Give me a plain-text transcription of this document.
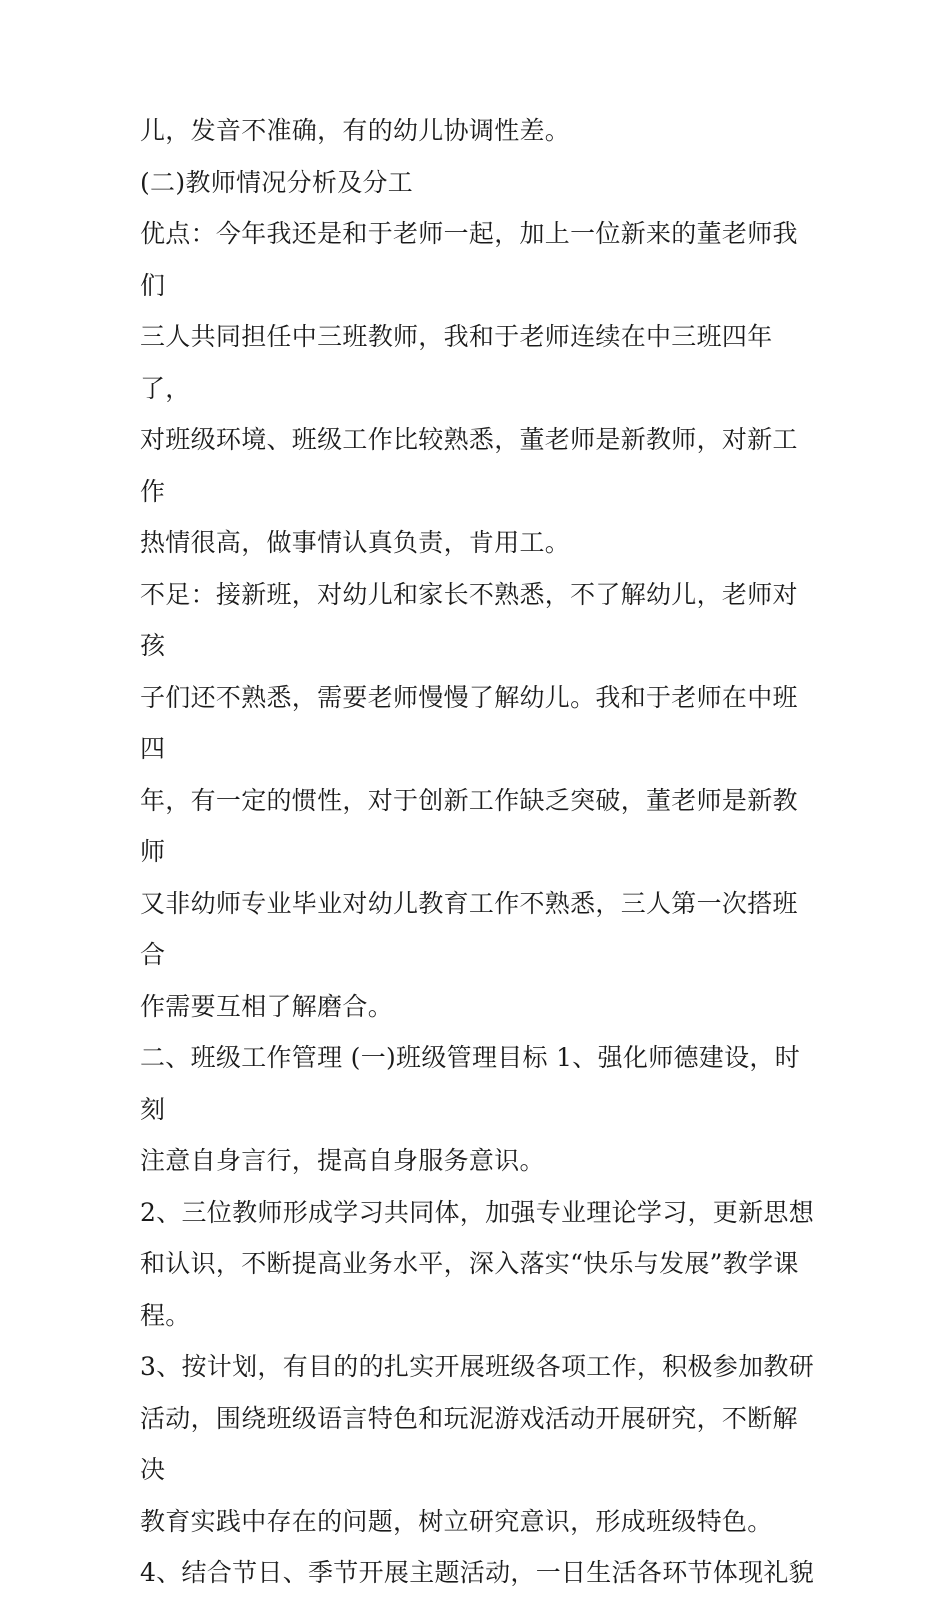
儿，发音不准确，有的幼儿协调性差。

(二)教师情况分析及分工

优点：今年我还是和于老师一起，加上一位新来的董老师我们
三人共同担任中三班教师，我和于老师连续在中三班四年了，
对班级环境、班级工作比较熟悉，董老师是新教师，对新工作
热情很高，做事情认真负责，肯用工。

不足：接新班，对幼儿和家长不熟悉，不了解幼儿，老师对孩
子们还不熟悉，需要老师慢慢了解幼儿。我和于老师在中班四
年，有一定的惯性，对于创新工作缺乏突破，董老师是新教师
又非幼师专业毕业对幼儿教育工作不熟悉，三人第一次搭班合
作需要互相了解磨合。

二、班级工作管理 (一)班级管理目标 1、强化师德建设，时刻
注意自身言行，提高自身服务意识。

2、三位教师形成学习共同体，加强专业理论学习，更新思想
和认识，不断提高业务水平，深入落实“快乐与发展”教学课
程。

3、按计划，有目的的扎实开展班级各项工作，积极参加教研
活动，围绕班级语言特色和玩泥游戏活动开展研究，不断解决
教育实践中存在的问题，树立研究意识，形成班级特色。

4、结合节日、季节开展主题活动，一日生活各环节体现礼貌
